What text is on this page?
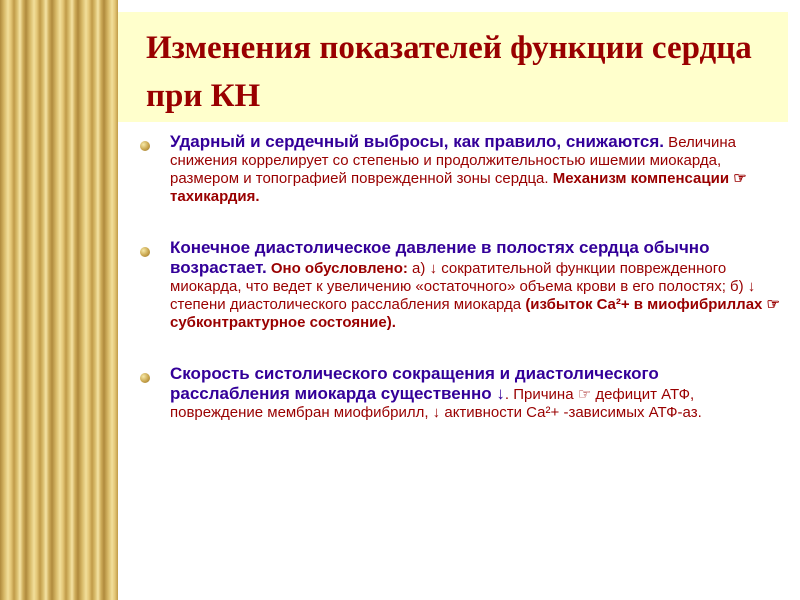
Изменения показателей функции сердца при КН
Ударный и сердечный выбросы, как правило, снижаются. Величина снижения коррелирует со степенью и продолжительностью ишемии миокарда, размером и топографией поврежденной зоны сердца. Механизм компенсации ☞ тахикардия.
Конечное диастолическое давление в полостях сердца обычно возрастает. Оно обусловлено: а) ↓ сократительной функции поврежденного миокарда, что ведет к увеличению «остаточного» объема крови в его полостях; б) ↓ степени диастолического расслабления миокарда (избыток Ca²+ в миофибриллах ☞ субконтрактурное состояние).
Скорость систолического сокращения и диастолического расслабления миокарда существенно ↓. Причина ☞ дефицит АТФ, повреждение мембран миофибрилл, ↓ активности Са²+ -зависимых АТФ-аз.
